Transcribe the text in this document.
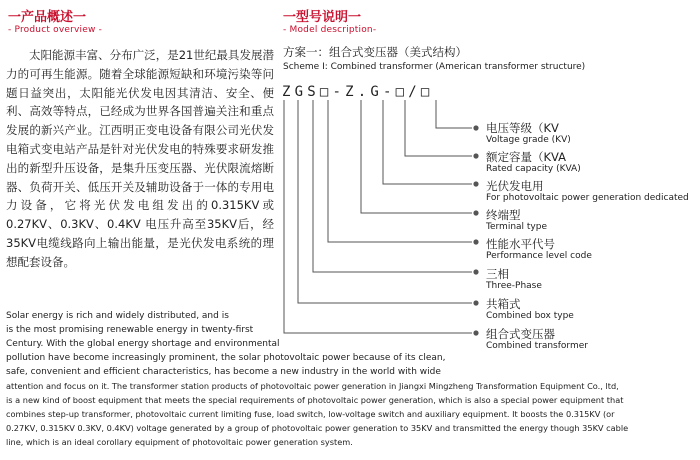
一产品概述一
- Product overview -
太阳能源丰富、分布广泛，是21世纪最具发展潜力的可再生能源。随着全球能源短缺和环境污染等问题日益突出，太阳能光伏发电因其清洁、安全、便利、高效等特点，已经成为世界各国普遍关注和重点发展的新兴产业。江西明正变电设备有限公司光伏发电箱式变电站产品是针对光伏发电的特殊要求研发推出的新型升压设备，是集升压变压器、光伏限流熔断器、负荷开关、低压开关及辅助设备于一体的专用电力设备，它将光伏发电组发出的0.315KV或0.27KV、0.3KV、0.4KV 电压升高至35KV后，经35KV电缆线路向上输出能量，是光伏发电系统的理想配套设备。
Solar energy is rich and widely distributed, and is
is the most promising renewable energy in twenty-first
Century. With the global energy shortage and environmental
pollution have become increasingly prominent, the solar photovoltaic power because of its clean,
safe, convenient and efficient characteristics, has become a new industry in the world with wide
attention and focus on it. The transformer station products of photovoltaic power generation in Jiangxi Mingzheng Transformation Equipment Co., ltd,
is a new kind of boost equipment that meets the special requirements of photovoltaic power generation, which is also a special power equipment that
combines step-up transformer, photovoltaic current limiting fuse, load switch, low-voltage switch and auxiliary equipment. It boosts the 0.315KV (or
0.27KV, 0.315KV 0.3KV, 0.4KV) voltage generated by a group of photovoltaic power generation to 35KV and transmitted the energy though 35KV cable
line, which is an ideal corollary equipment of photovoltaic power generation system.
一型号说明一
- Model description-
方案一：组合式变压器（美式结构）
Scheme I: Combined transformer (American transformer structure)
ZGS□-Z.G-□/□
电压等级（KV
Voltage grade (KV)
额定容量（KVA
Rated capacity (KVA)
光伏发电用
For photovoltaic power generation dedicated
终端型
Terminal type
性能水平代号
Performance level code
三相
Three-Phase
共箱式
Combined box type
组合式变压器
Combined transformer
